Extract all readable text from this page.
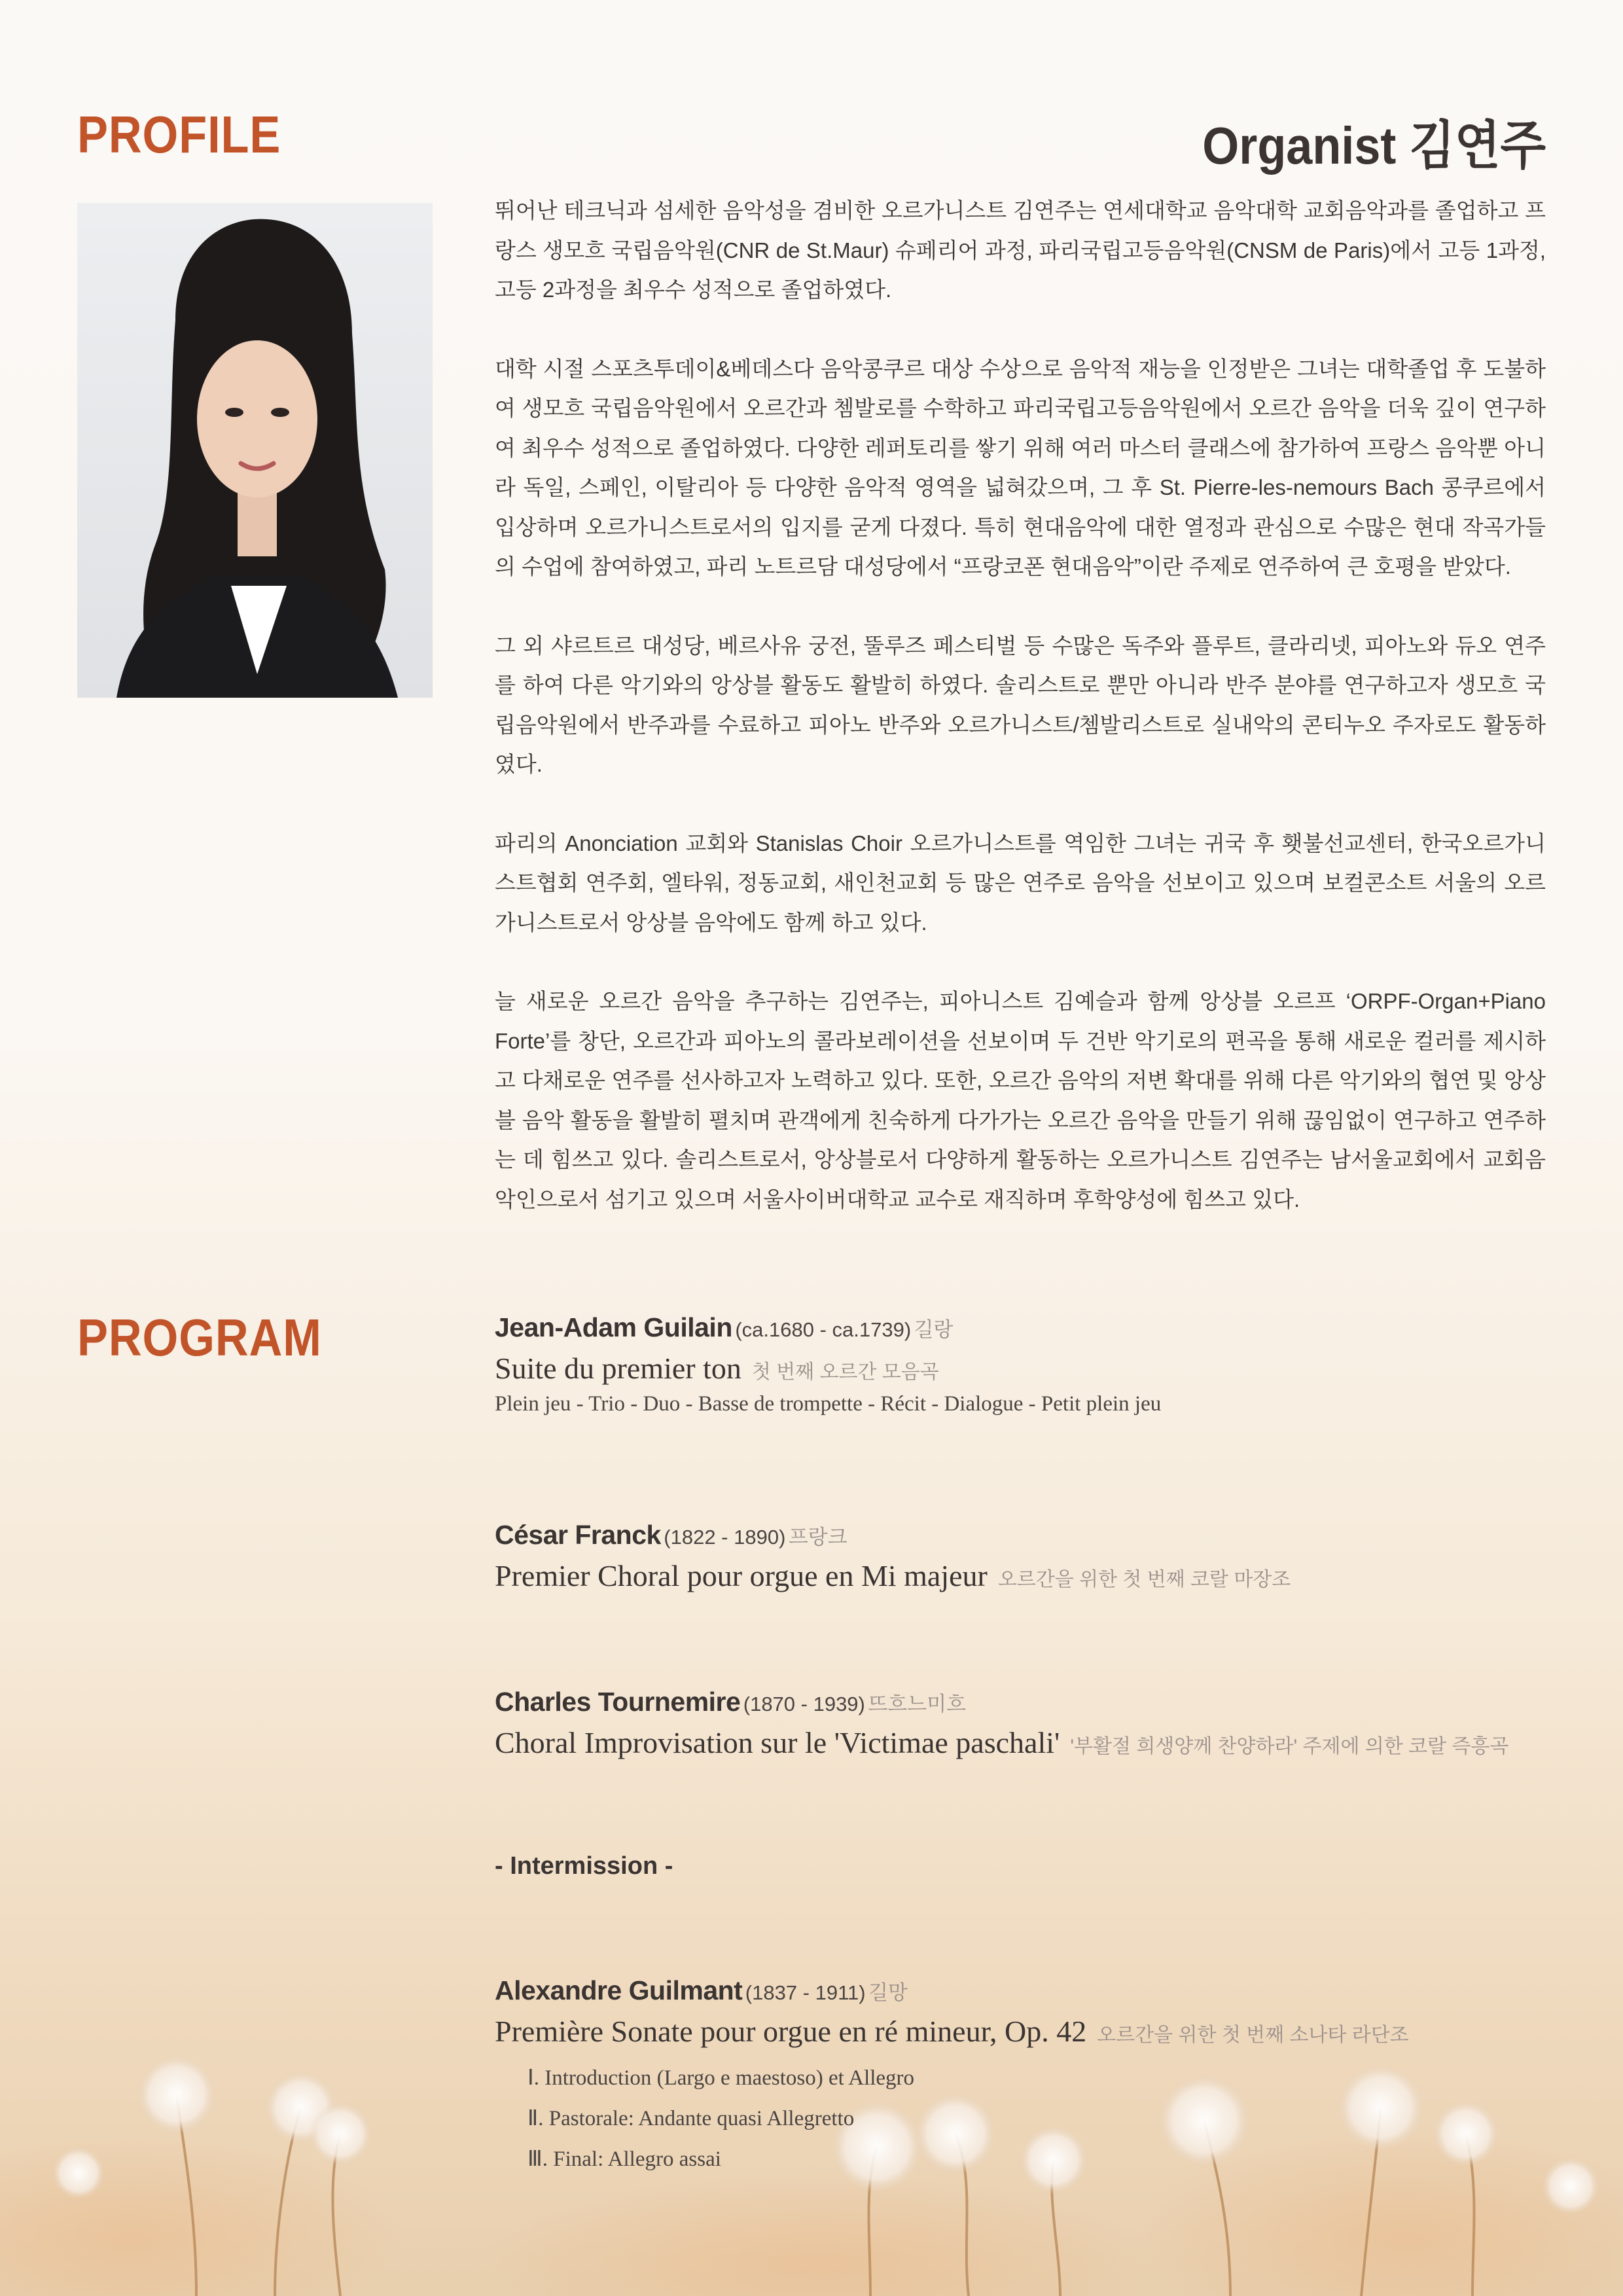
PROFILE	Organist 김연주

뛰어난 테크닉과 섬세한 음악성을 겸비한 오르가니스트 김연주는 연세대학교 음악대학 교회음악과를 졸업하고 프랑스 생모흐 국립음악원(CNR de St.Maur) 슈페리어 과정, 파리국립고등음악원(CNSM de Paris)에서 고등 1과정, 고등 2과정을 최우수 성적으로 졸업하였다.

대학 시절 스포츠투데이&베데스다 음악콩쿠르 대상 수상으로 음악적 재능을 인정받은 그녀는 대학졸업 후 도불하여 생모흐 국립음악원에서 오르간과 쳄발로를 수학하고 파리국립고등음악원에서 오르간 음악을 더욱 깊이 연구하여 최우수 성적으로 졸업하였다. 다양한 레퍼토리를 쌓기 위해 여러 마스터 클래스에 참가하여 프랑스 음악뿐 아니라 독일, 스페인, 이탈리아 등 다양한 음악적 영역을 넓혀갔으며, 그 후 St. Pierre-les-nemours Bach 콩쿠르에서 입상하며 오르가니스트로서의 입지를 굳게 다졌다. 특히 현대음악에 대한 열정과 관심으로 수많은 현대 작곡가들의 수업에 참여하였고, 파리 노트르담 대성당에서 “프랑코폰 현대음악”이란 주제로 연주하여 큰 호평을 받았다.

그 외 샤르트르 대성당, 베르사유 궁전, 뚤루즈 페스티벌 등 수많은 독주와 플루트, 클라리넷, 피아노와 듀오 연주를 하여 다른 악기와의 앙상블 활동도 활발히 하였다. 솔리스트로 뿐만 아니라 반주 분야를 연구하고자 생모흐 국립음악원에서 반주과를 수료하고 피아노 반주와 오르가니스트/쳄발리스트로 실내악의 콘티누오 주자로도 활동하였다.

파리의 Anonciation 교회와 Stanislas Choir 오르가니스트를 역임한 그녀는 귀국 후 횃불선교센터, 한국오르가니스트협회 연주회, 엘타워, 정동교회, 새인천교회 등 많은 연주로 음악을 선보이고 있으며 보컬콘소트 서울의 오르가니스트로서 앙상블 음악에도 함께 하고 있다.

늘 새로운 오르간 음악을 추구하는 김연주는, 피아니스트 김예슬과 함께 앙상블 오르프 ‘ORPF-Organ+Piano Forte’를 창단, 오르간과 피아노의 콜라보레이션을 선보이며 두 건반 악기로의 편곡을 통해 새로운 컬러를 제시하고 다채로운 연주를 선사하고자 노력하고 있다. 또한, 오르간 음악의 저변 확대를 위해 다른 악기와의 협연 및 앙상블 음악 활동을 활발히 펼치며 관객에게 친숙하게 다가가는 오르간 음악을 만들기 위해 끊임없이 연구하고 연주하는 데 힘쓰고 있다. 솔리스트로서, 앙상블로서 다양하게 활동하는 오르가니스트 김연주는 남서울교회에서 교회음악인으로서 섬기고 있으며 서울사이버대학교 교수로 재직하며 후학양성에 힘쓰고 있다.

PROGRAM	Jean-Adam Guilain (ca.1680 - ca.1739) 길랑
Suite du premier ton 첫 번째 오르간 모음곡
Plein jeu - Trio - Duo - Basse de trompette - Récit - Dialogue - Petit plein jeu
César Franck (1822 - 1890) 프랑크
Premier Choral pour orgue en Mi majeur 오르간을 위한 첫 번째 코랄 마장조
Charles Tournemire (1870 - 1939) 뜨흐느미흐
Choral Improvisation sur le 'Victimae paschali' '부활절 희생양께 찬양하라' 주제에 의한 코랄 즉흥곡
- Intermission -
Alexandre Guilmant (1837 - 1911) 길망
Première Sonate pour orgue en ré mineur, Op. 42 오르간을 위한 첫 번째 소나타 라단조
Ⅰ. Introduction (Largo e maestoso) et Allegro
Ⅱ. Pastorale: Andante quasi Allegretto
Ⅲ. Final: Allegro assai
